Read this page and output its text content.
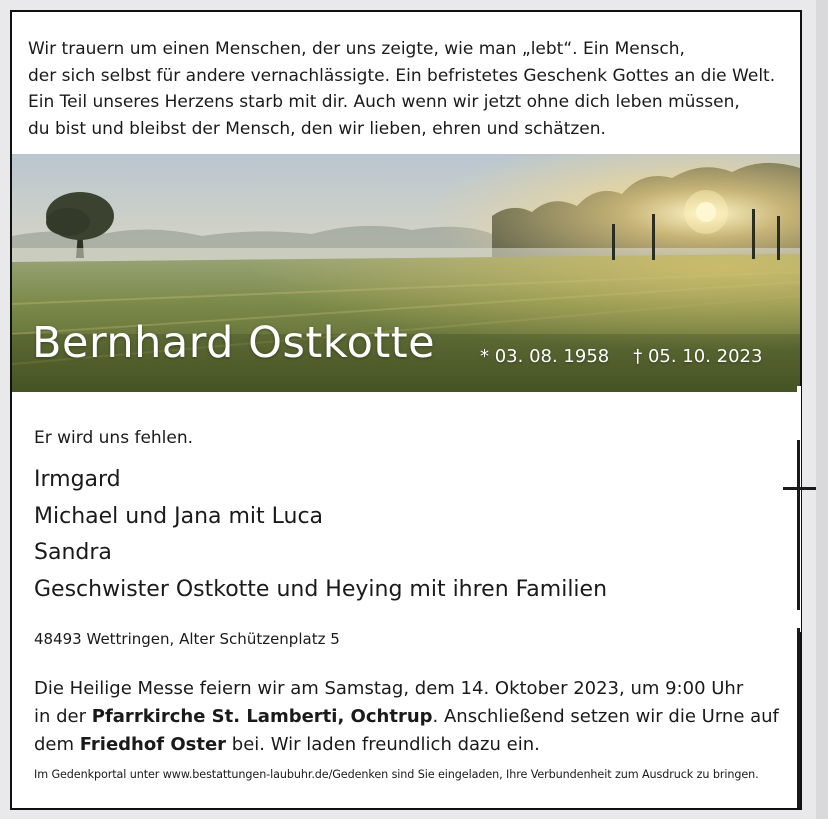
Wir trauern um einen Menschen, der uns zeigte, wie man „lebt“. Ein Mensch,
der sich selbst für andere vernachlässigte. Ein befristetes Geschenk Gottes an die Welt.
Ein Teil unseres Herzens starb mit dir. Auch wenn wir jetzt ohne dich leben müssen,
du bist und bleibst der Mensch, den wir lieben, ehren und schätzen.

Bernhard Ostkotte * 03. 08. 1958 † 05. 10. 2023
Er wird uns fehlen.
Irmgard
Michael und Jana mit Luca
Sandra
Geschwister Ostkotte und Heying mit ihren Familien
48493 Wettringen, Alter Schützenplatz 5

Die Heilige Messe feiern wir am Samstag, dem 14. Oktober 2023, um 9:00 Uhr
in der Pfarrkirche St. Lamberti, Ochtrup. Anschließend setzen wir die Urne auf
dem Friedhof Oster bei. Wir laden freundlich dazu ein.

Im Gedenkportal unter www.bestattungen-laubuhr.de/Gedenken sind Sie eingeladen, Ihre Verbundenheit zum Ausdruck zu bringen.
